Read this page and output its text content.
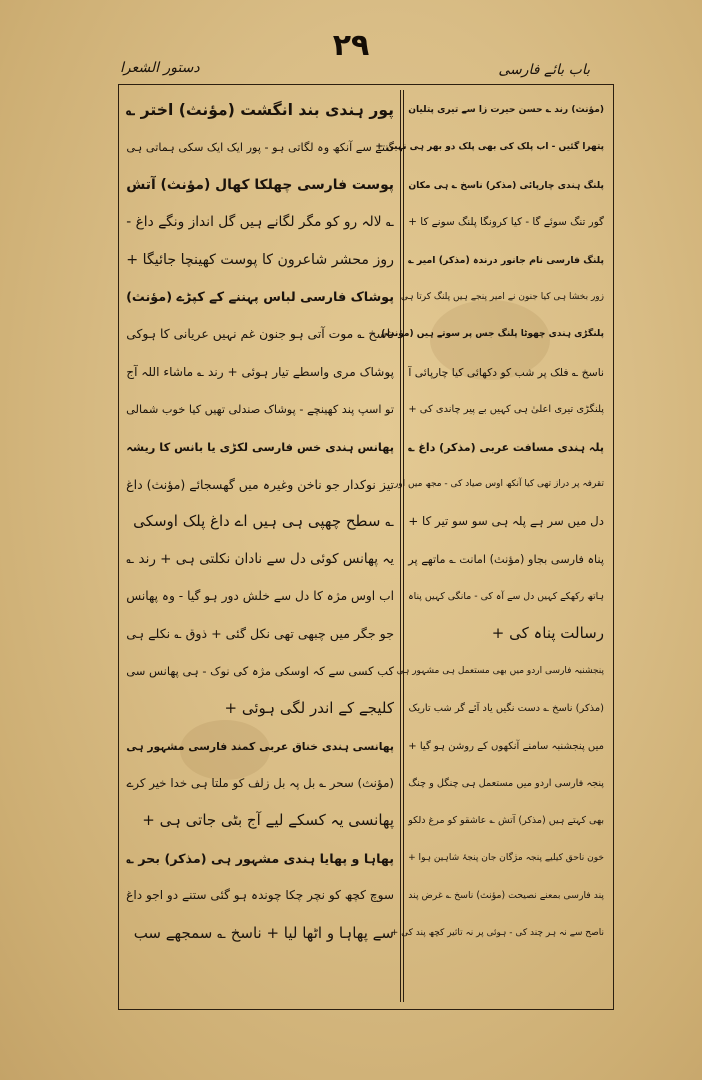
دستور الشعرا
۲۹
باب بائے فارسی
(مؤنث) رند ؎ حسن حیرت زا سے تیری پتلیان
پتھرا گئیں - اب پلک کی بھی پلک دو بھر ہی نہیں +
پلنگ ہندی چارپائی (مذکر) ناسخ ؎ ہی مکان
گور تنگ سوئے گا - کیا کرونگا پلنگ سونے کا +
پلنگ فارسی نام جانور درندہ (مذکر) امیر ؎
زور بخشا ہی کیا جنون نے امیر پنجے ہیں پلنگ کرتا ہی
پلنگڑی ہندی چھوٹا پلنگ جس پر سوتے ہیں (مؤنث)
ناسخ ؎ فلک پر شب کو دکھائی کیا چارپائی آ
پلنگڑی تیری اعلیٰ ہی کہیں بے پیر چاندی کی +
پلہ ہندی مسافت عربی (مذکر) داغ ؎
تقرفہ پر دراز تھی کیا آنکھ اوس صیاد کی - مجھ میں اور
دل میں سر ہے پلہ ہی سو سو تیر کا +
پناہ فارسی بجاو (مؤنث) امانت ؎ ماتھے پر
ہاتھ رکھکے کہیں دل سے آہ کی - مانگی کہیں پناہ
رسالت پناہ کی +
پنجشنبہ فارسی اردو میں بھی مستعمل ہی مشہور ہی
(مذکر) ناسخ ؎ دست نگیں یاد آئے گر شب تاریک
میں پنجشنبہ سامنے آنکھوں کے روشن ہو گیا +
پنجہ فارسی اردو میں مستعمل ہی چنگل و چنگ
بھی کہتے ہیں (مذکر) آتش ؎ عاشقو کو مرغ دلکو
خون ناحق کیلیے پنجہ مژگان جان پنجۂ شاہین ہوا +
پند فارسی بمعنے نصیحت (مؤنث) ناسخ ؎ غرض پند
ناصح سے نہ ہر چند کی - ہوئی پر نہ تاثیر کچھ پند کی +
پور ہندی بند انگشت (مؤنث) اختر ؎
گنتے سے آنکھ وہ لگاتی ہو - پور ایک ایک سکی ہماتی ہی
پوست فارسی چھلکا کھال (مؤنث) آتش
؎ لالہ رو کو مگر لگانے ہیں گل انداز ونگے داغ -
روز محشر شاعرون کا پوست کھینچا جائیگا +
پوشاک فارسی لباس پہننے کے کپڑے (مؤنث)
ناسخ ؎ موت آتی ہو جنون غم نہیں عریانی کا ہوکی
پوشاک مری واسطے تیار ہوئی + رند ؎ ماشاء اللہ آج
تو اسپ پند کھینچے - پوشاک صندلی تھیں کیا خوب شمالی
پھانس ہندی خس فارسی لکڑی یا بانس کا ریشہ
تیز نوکدار جو ناخن وغیرہ میں گھسجائے (مؤنث) داغ
؎ سطح چھپی ہی ہیں اے داغ پلک اوسکی
یہ پھانس کوئی دل سے نادان نکلتی ہی + رند ؎
اب اوس مژہ کا دل سے خلش دور ہو گیا - وہ پھانس
جو جگر میں چبھی تھی نکل گئی + ذوق ؎ نکلے ہی
کب کسی سے کہ اوسکی مژہ کی نوک - ہی پھانس سی
کلیجے کے اندر لگی ہوئی +
پھانسی ہندی خناق عربی کمند فارسی مشہور ہی
(مؤنث) سحر ؎ بل پہ بل زلف کو ملتا ہی خدا خیر کرے
پھانسی یہ کسکے لیے آج بٹی جاتی ہی +
پھاہا و پھایا ہندی مشہور ہی (مذکر) بحر ؎
سوچ کچھ کو نچر چکا چوندہ ہو گئی ستنے دو اجو داغ
سے پھاہا و اٹھا لیا + ناسخ ؎ سمجھے سب
